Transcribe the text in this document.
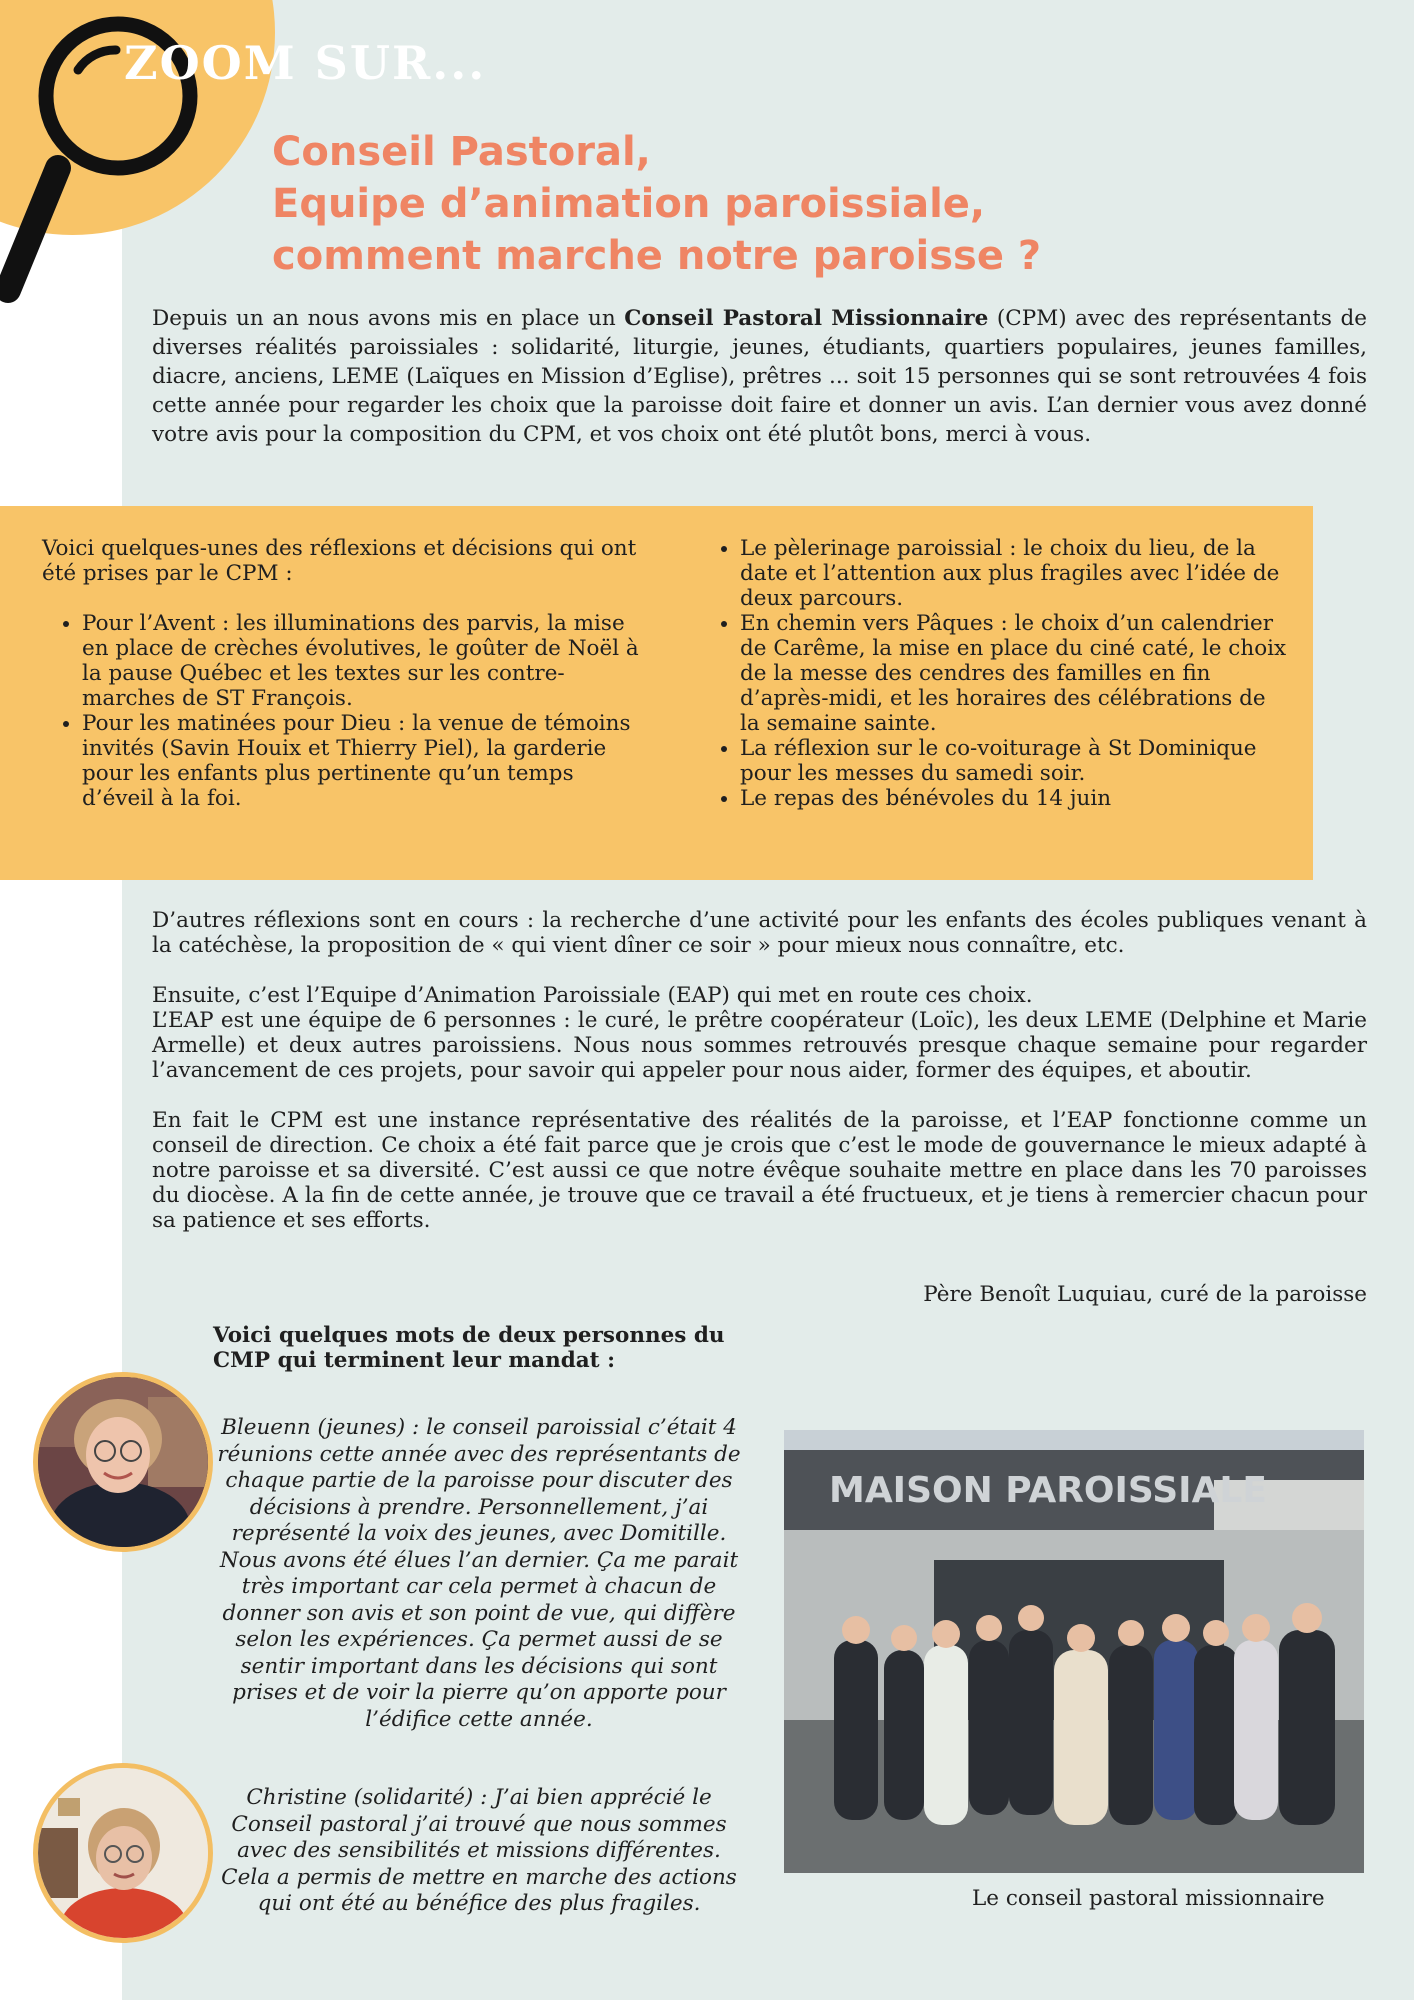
ZOOM SUR...
Conseil Pastoral,
Equipe d’animation paroissiale,
comment marche notre paroisse ?
Depuis un an nous avons mis en place un Conseil Pastoral Missionnaire (CPM) avec des représentants de diverses réalités paroissiales : solidarité, liturgie, jeunes, étudiants, quartiers populaires, jeunes familles, diacre, anciens, LEME (Laïques en Mission d’Eglise), prêtres ... soit 15 personnes qui se sont retrouvées 4 fois cette année pour regarder les choix que la paroisse doit faire et donner un avis. L’an dernier vous avez donné votre avis pour la composition du CPM, et vos choix ont été plutôt bons, merci à vous.

Voici quelques-unes des réflexions et décisions qui ont été prises par le CPM :

• Pour l’Avent : les illuminations des parvis, la mise en place de crèches évolutives, le goûter de Noël à la pause Québec et les textes sur les contre-marches de ST François.
• Pour les matinées pour Dieu : la venue de témoins invités (Savin Houix et Thierry Piel), la garderie pour les enfants plus pertinente qu’un temps d’éveil à la foi.
• Le pèlerinage paroissial : le choix du lieu, de la date et l’attention aux plus fragiles avec l’idée de deux parcours.
• En chemin vers Pâques : le choix d’un calendrier de Carême, la mise en place du ciné caté, le choix de la messe des cendres des familles en fin d’après-midi, et les horaires des célébrations de la semaine sainte.
• La réflexion sur le co-voiturage à St Dominique pour les messes du samedi soir.
• Le repas des bénévoles du 14 juin

D’autres réflexions sont en cours : la recherche d’une activité pour les enfants des écoles publiques venant à la catéchèse, la proposition de « qui vient dîner ce soir » pour mieux nous connaître, etc.

Ensuite, c’est l’Equipe d’Animation Paroissiale (EAP) qui met en route ces choix.

L’EAP est une équipe de 6 personnes : le curé, le prêtre coopérateur (Loïc), les deux LEME (Delphine et Marie Armelle) et deux autres paroissiens. Nous nous sommes retrouvés presque chaque semaine pour regarder l’avancement de ces projets, pour savoir qui appeler pour nous aider, former des équipes, et aboutir.

En fait le CPM est une instance représentative des réalités de la paroisse, et l’EAP fonctionne comme un conseil de direction. Ce choix a été fait parce que je crois que c’est le mode de gouvernance le mieux adapté à notre paroisse et sa diversité. C’est aussi ce que notre évêque souhaite mettre en place dans les 70 paroisses du diocèse. A la fin de cette année, je trouve que ce travail a été fructueux, et je tiens à remercier chacun pour sa patience et ses efforts.

Père Benoît Luquiau, curé de la paroisse
Voici quelques mots de deux personnes du CMP qui terminent leur mandat :
Bleuenn (jeunes) : le conseil paroissial c’était 4 réunions cette année avec des représentants de chaque partie de la paroisse pour discuter des décisions à prendre. Personnellement, j’ai représenté la voix des jeunes, avec Domitille. Nous avons été élues l’an dernier. Ça me parait très important car cela permet à chacun de donner son avis et son point de vue, qui diffère selon les expériences. Ça permet aussi de se sentir important dans les décisions qui sont prises et de voir la pierre qu’on apporte pour l’édifice cette année.
Christine (solidarité) : J’ai bien apprécié le Conseil pastoral j’ai trouvé que nous sommes avec des sensibilités et missions différentes. Cela a permis de mettre en marche des actions qui ont été au bénéfice des plus fragiles.
MAISON PAROISSIALE
Le conseil pastoral missionnaire
